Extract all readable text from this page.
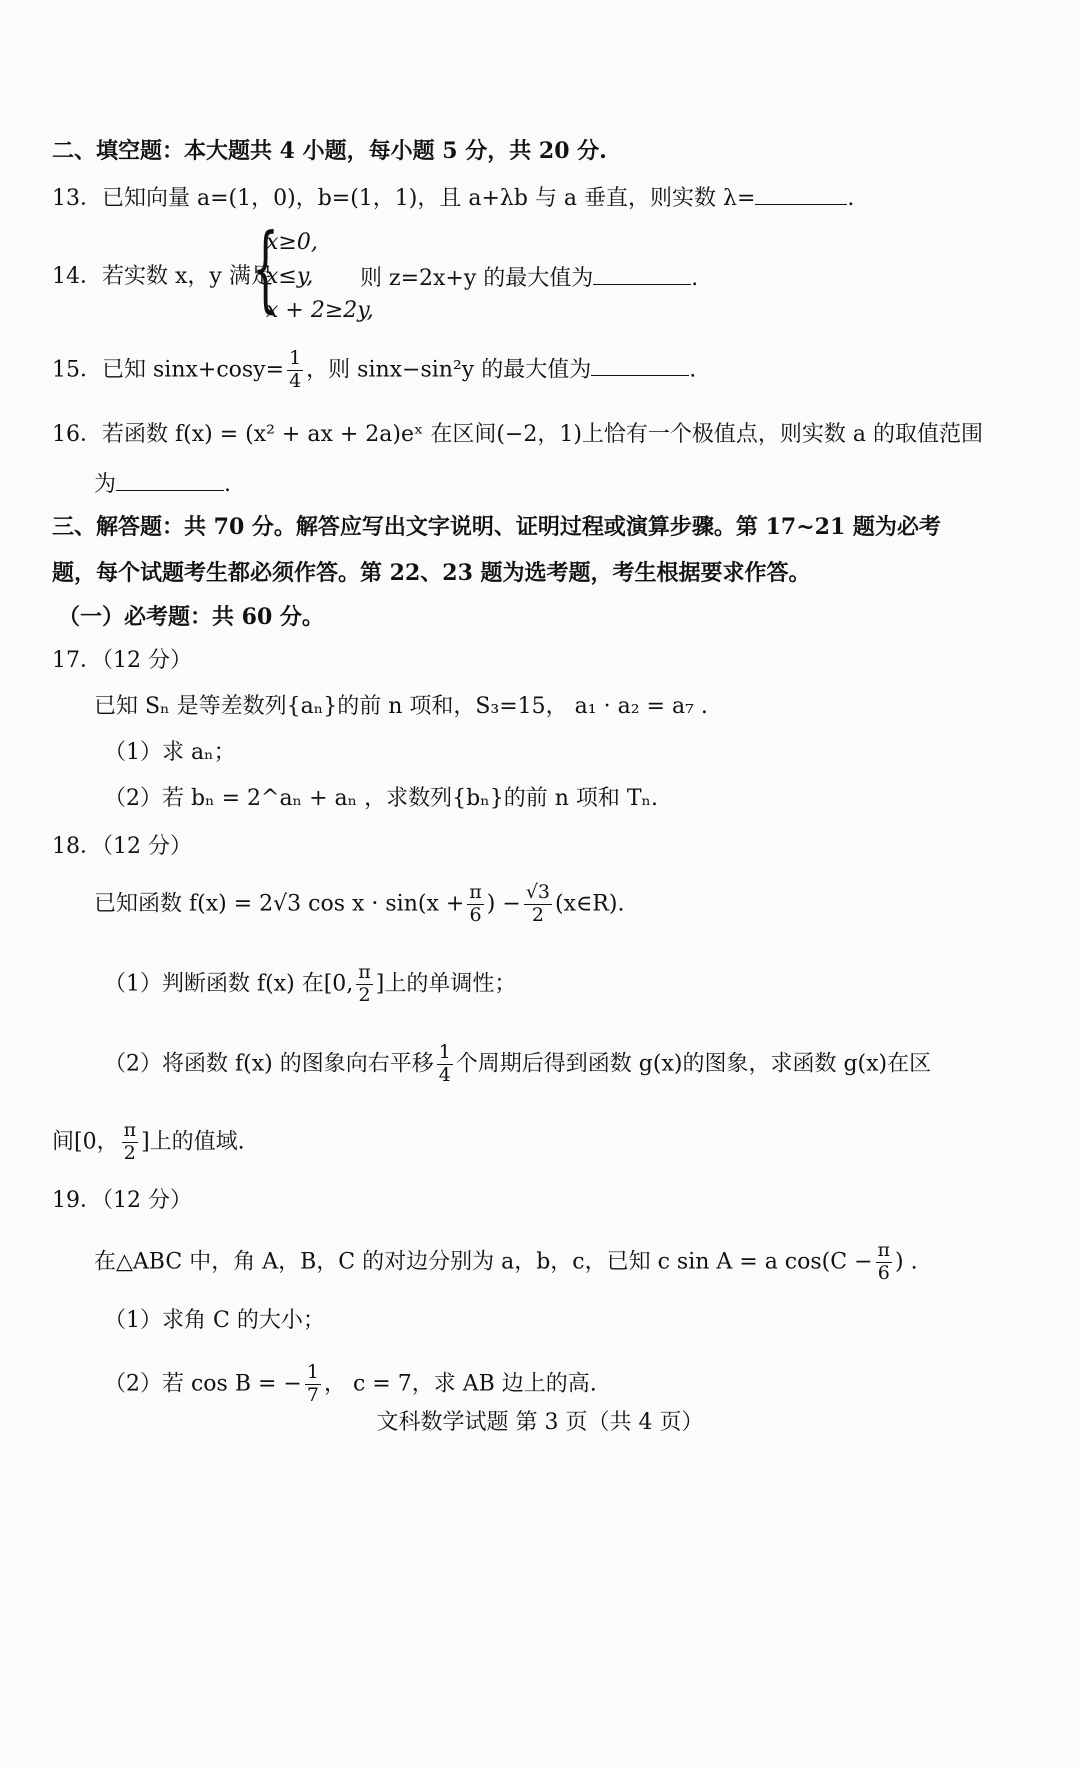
二、填空题：本大题共 4 小题，每小题 5 分，共 20 分.
13．已知向量 a=(1，0)，b=(1，1)，且 a+λb 与 a 垂直，则实数 λ=	.
14．若实数 x，y 满足
{
x≥0,
x≤y,
x + 2≥2y,
则 z=2x+y 的最大值为	.
15．已知 $\sin x+\cos y= \frac{1}{4}$ ，则 sinx−sin²y 的最大值为	.
16．若函数 f(x) = (x² + ax + 2a)eˣ 在区间(−2，1)上恰有一个极值点，则实数 a 的取值范围
为	.
三、解答题：共 70 分。解答应写出文字说明、证明过程或演算步骤。第 17~21 题为必考
题，每个试题考生都必须作答。第 22、23 题为选考题，考生根据要求作答。
（一）必考题：共 60 分。
17．（12 分）
已知 Sₙ 是等差数列{aₙ}的前 n 项和，S₃=15， a₁ · a₂ = a₇ .
（1）求 aₙ；
（2）若 bₙ = 2^aₙ + aₙ ，求数列{bₙ}的前 n 项和 Tₙ.
18．（12 分）
已知函数 f(x) = 2√3 $\cos x \cdot \sin(x + \frac{\pi}{6}$ ) − $\frac{√3}{2}$ (x∈R).
（1）判断函数 f(x) 在[0, $\frac{\pi}{2}$ ]上的单调性；
（2）将函数 f(x) 的图象向右平移 $\frac{1}{4}$ 个周期后得到函数 g(x)的图象，求函数 g(x)在区
间[0， $\frac{\pi}{2}$ ]上的值域.
19．（12 分）
在△ABC 中，角 A，B，C 的对边分别为 a，b，c，已知 c sin A = a $\cos(C - \frac{\pi}{6}$ ) .
（1）求角 C 的大小；
（2）若 cos B = − $\frac{1}{7}$ ， c = 7，求 AB 边上的高.
文科数学试题 第 3 页（共 4 页）
